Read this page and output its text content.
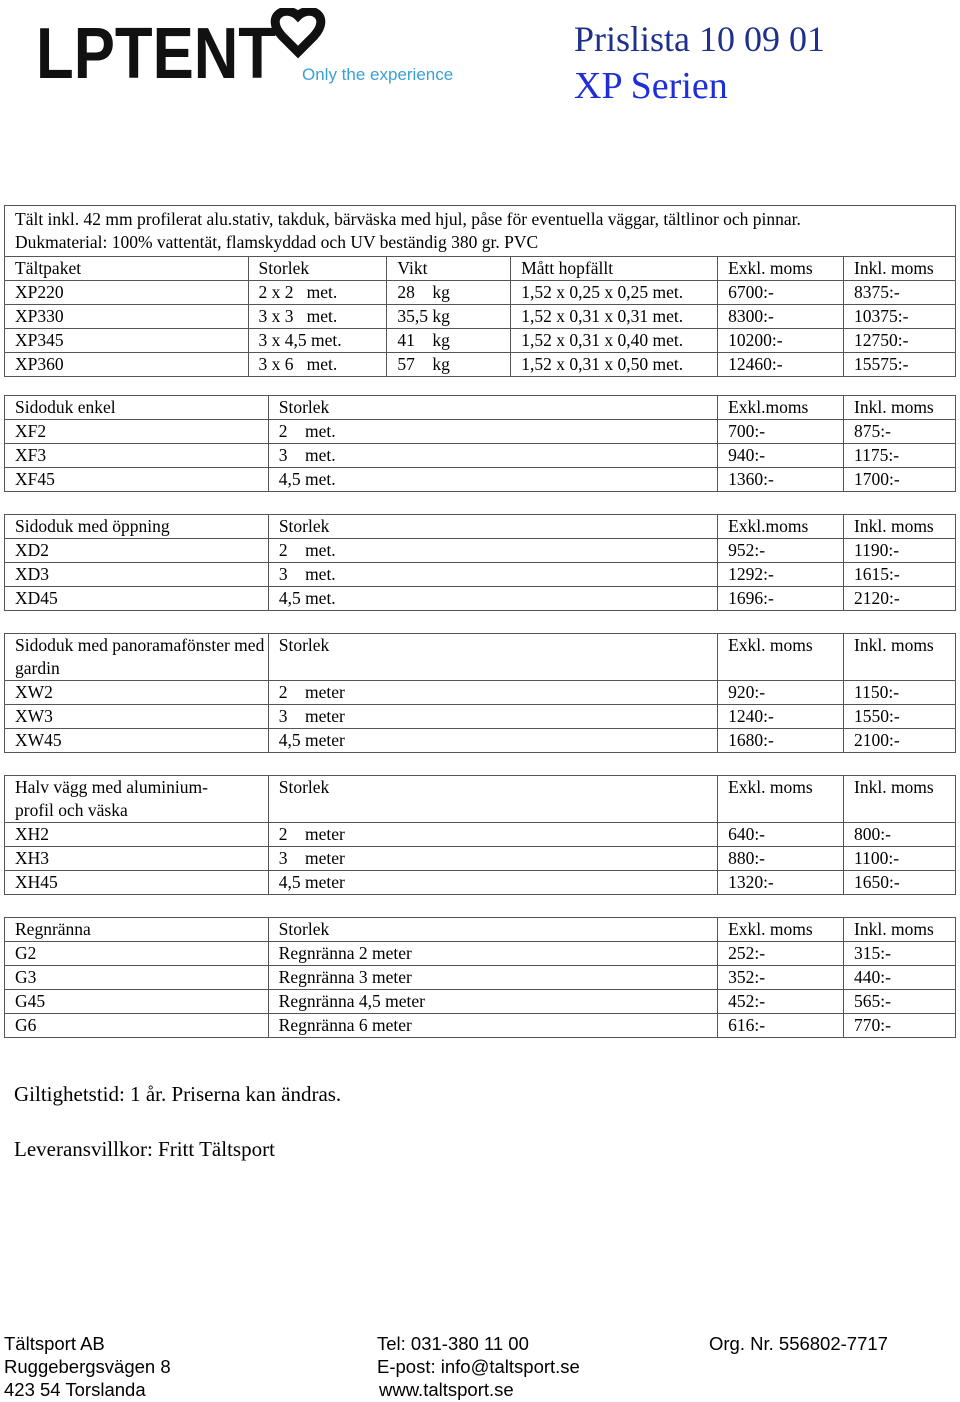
LPTENT Only the experience
Prislista 10 09 01
XP Serien
Tält inkl. 42 mm profilerat alu.stativ, takduk, bärväska med hjul, påse för eventuella väggar, tältlinor och pinnar.
Dukmaterial: 100% vattentät, flamskyddad och UV beständig 380 gr. PVC					

Tältpaket	Storlek	Vikt	Mått hopfällt	Exkl. moms	Inkl. moms
XP220	2 x 2   met.	28    kg	1,52 x 0,25 x 0,25 met.	6700:-	8375:-
XP330	3 x 3   met.	35,5 kg	1,52 x 0,31 x 0,31 met.	8300:-	10375:-
XP345	3 x 4,5 met.	41    kg	1,52 x 0,31 x 0,40 met.	10200:-	12750:-
XP360	3 x 6   met.	57    kg	1,52 x 0,31 x 0,50 met.	12460:-	15575:-
Sidoduk enkel	Storlek	Exkl.moms	Inkl. moms
XF2	2    met.	700:-	875:-
XF3	3    met.	940:-	1175:-
XF45	4,5 met.	1360:-	1700:-
Sidoduk med öppning	Storlek	Exkl.moms	Inkl. moms
XD2	2    met.	952:-	1190:-
XD3	3    met.	1292:-	1615:-
XD45	4,5 met.	1696:-	2120:-
Sidoduk med panoramafönster med gardin	Storlek	Exkl. moms	Inkl. moms
XW2	2    meter	920:-	1150:-
XW3	3    meter	1240:-	1550:-
XW45	4,5 meter	1680:-	2100:-
Halv vägg med aluminium-profil och väska	Storlek	Exkl. moms	Inkl. moms
XH2	2    meter	640:-	800:-
XH3	3    meter	880:-	1100:-
XH45	4,5 meter	1320:-	1650:-
Regnränna	Storlek	Exkl. moms	Inkl. moms
G2	Regnränna 2 meter	252:-	315:-
G3	Regnränna 3 meter	352:-	440:-
G45	Regnränna 4,5 meter	452:-	565:-
G6	Regnränna 6 meter	616:-	770:-
Giltighetstid: 1 år. Priserna kan ändras.
Leveransvillkor: Fritt Tältsport
Tältsport AB
Ruggebergsvägen 8
423 54 Torslanda
Tel: 031-380 11 00
E-post: info@taltsport.se
www.taltsport.se
Org. Nr. 556802-7717
